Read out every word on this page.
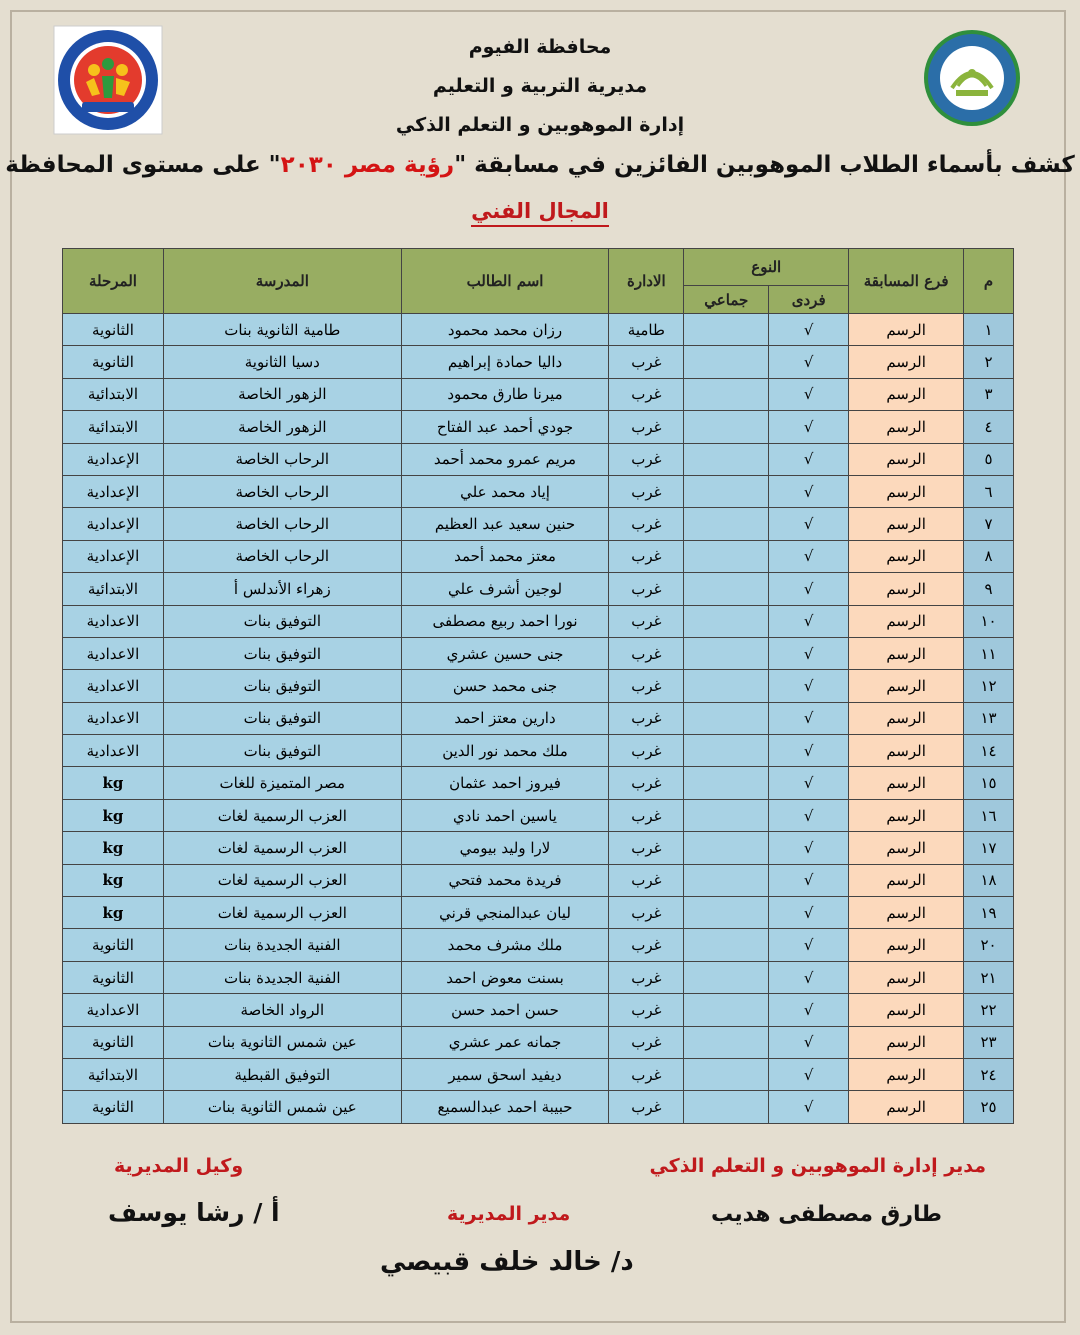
محافظة الفيوم
مديرية التربية و التعليم
إدارة الموهوبين و التعلم الذكي
كشف بأسماء الطلاب الموهوبين الفائزين في مسابقة "رؤية مصر ٢٠٣٠" على مستوى المحافظة
المجال الفني
م	فرع المسابقة	النوع		الادارة	اسم الطالب	المدرسة	المرحلة
		فردى	جماعي				
١	الرسم	√		طامية	رزان محمد محمود	طامية الثانوية بنات	الثانوية
٢	الرسم	√		غرب	داليا حمادة إبراهيم	دسيا الثانوية	الثانوية
٣	الرسم	√		غرب	ميرنا طارق محمود	الزهور الخاصة	الابتدائية
٤	الرسم	√		غرب	جودي أحمد عبد الفتاح	الزهور الخاصة	الابتدائية
٥	الرسم	√		غرب	مريم عمرو محمد أحمد	الرحاب الخاصة	الإعدادية
٦	الرسم	√		غرب	إياد محمد علي	الرحاب الخاصة	الإعدادية
٧	الرسم	√		غرب	حنين سعيد عبد العظيم	الرحاب الخاصة	الإعدادية
٨	الرسم	√		غرب	معتز محمد أحمد	الرحاب الخاصة	الإعدادية
٩	الرسم	√		غرب	لوجين أشرف علي	زهراء الأندلس أ	الابتدائية
١٠	الرسم	√		غرب	نورا احمد ربيع مصطفى	التوفيق بنات	الاعدادية
١١	الرسم	√		غرب	جنى حسين عشري	التوفيق بنات	الاعدادية
١٢	الرسم	√		غرب	جنى محمد حسن	التوفيق بنات	الاعدادية
١٣	الرسم	√		غرب	دارين معتز احمد	التوفيق بنات	الاعدادية
١٤	الرسم	√		غرب	ملك محمد نور الدين	التوفيق بنات	الاعدادية
١٥	الرسم	√		غرب	فيروز احمد عثمان	مصر المتميزة للغات	kg
١٦	الرسم	√		غرب	ياسين احمد نادي	العزب الرسمية لغات	kg
١٧	الرسم	√		غرب	لارا وليد بيومي	العزب الرسمية لغات	kg
١٨	الرسم	√		غرب	فريدة محمد فتحي	العزب الرسمية لغات	kg
١٩	الرسم	√		غرب	ليان عبدالمنجي قرني	العزب الرسمية لغات	kg
٢٠	الرسم	√		غرب	ملك مشرف محمد	الفنية الجديدة بنات	الثانوية
٢١	الرسم	√		غرب	بسنت معوض احمد	الفنية الجديدة بنات	الثانوية
٢٢	الرسم	√		غرب	حسن احمد حسن	الرواد الخاصة	الاعدادية
٢٣	الرسم	√		غرب	جمانه عمر عشري	عين شمس الثانوية بنات	الثانوية
٢٤	الرسم	√		غرب	ديفيد اسحق سمير	التوفيق القبطية	الابتدائية
٢٥	الرسم	√		غرب	حبيبة احمد عبدالسميع	عين شمس الثانوية بنات	الثانوية
مدير إدارة الموهوبين و التعلم الذكي
طارق مصطفى هديب
وكيل المديرية
أ / رشا يوسف	مدير المديرية
د/ خالد خلف قبيصي
